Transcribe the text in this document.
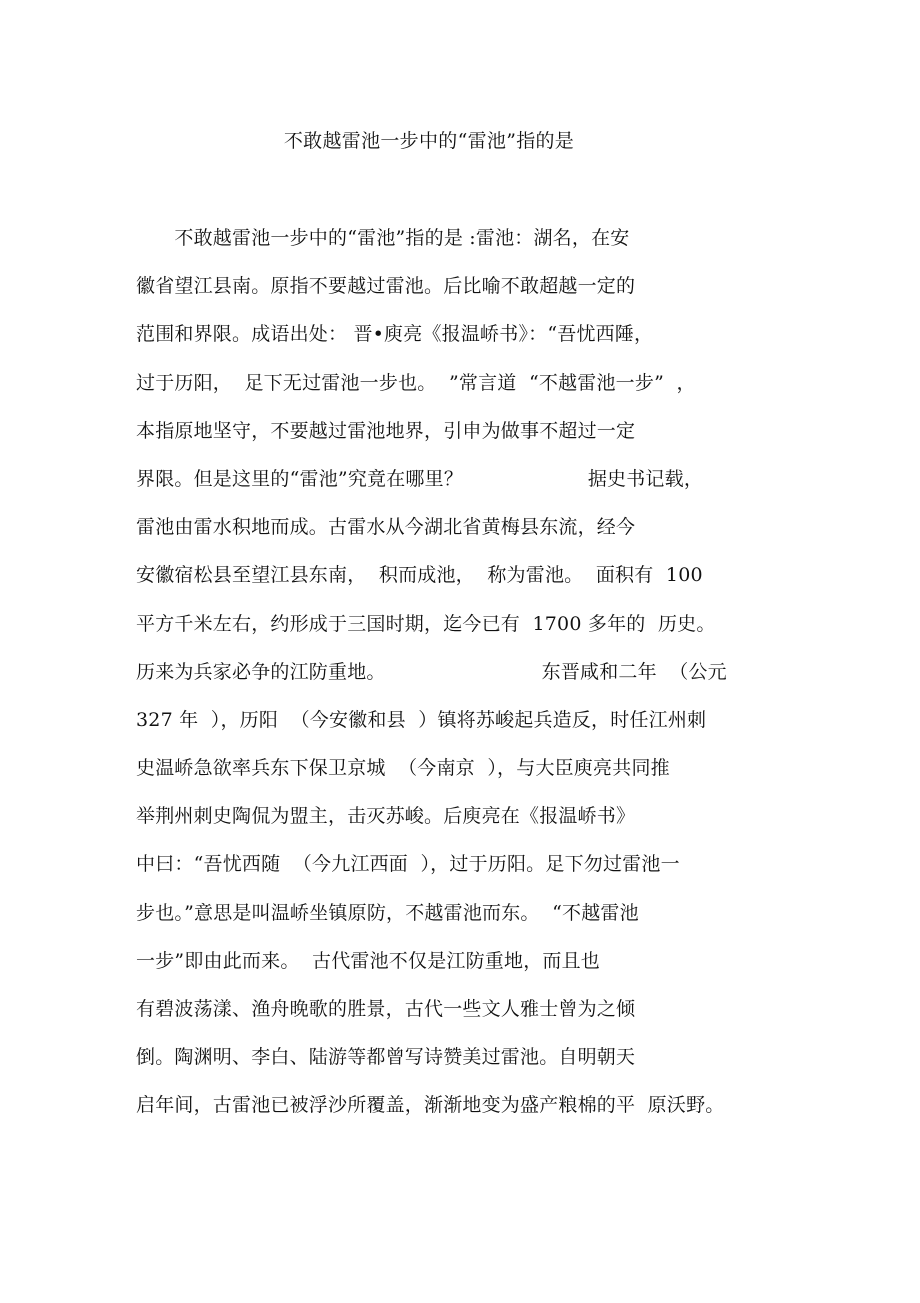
不敢越雷池一步中的“雷池”指的是
　　不敢越雷池一步中的“雷池”指的是 :雷池：湖名，在安
徽省望江县南。原指不要越过雷池。后比喻不敢超越一定的
范围和界限。成语出处： 晋•庾亮《报温峤书》：“吾忧西陲，
过于历阳，  足下无过雷池一步也。  ”常言道  “不越雷池一步”  ，
本指原地坚守，不要越过雷池地界，引申为做事不超过一定
界限。但是这里的“雷池”究竟在哪里？                    据史书记载，
雷池由雷水积地而成。古雷水从今湖北省黄梅县东流，经今
安徽宿松县至望江县东南，  积而成池，  称为雷池。  面积有  100
平方千米左右，约形成于三国时期，迄今已有  1700 多年的  历史。
历来为兵家必争的江防重地。                         东晋咸和二年  （公元
327 年  ），历阳  （今安徽和县  ）镇将苏峻起兵造反，时任江州刺
史温峤急欲率兵东下保卫京城  （今南京  ），与大臣庾亮共同推
举荆州刺史陶侃为盟主，击灭苏峻。后庾亮在《报温峤书》
中曰：“吾忧西随  （今九江西面  ），过于历阳。足下勿过雷池一
步也。”意思是叫温峤坐镇原防，不越雷池而东。  “不越雷池
一步”即由此而来。  古代雷池不仅是江防重地，而且也
有碧波荡漾、渔舟晚歌的胜景，古代一些文人雅士曾为之倾
倒。陶渊明、李白、陆游等都曾写诗赞美过雷池。自明朝天
启年间，古雷池已被浮沙所覆盖，渐渐地变为盛产粮棉的平  原沃野。
